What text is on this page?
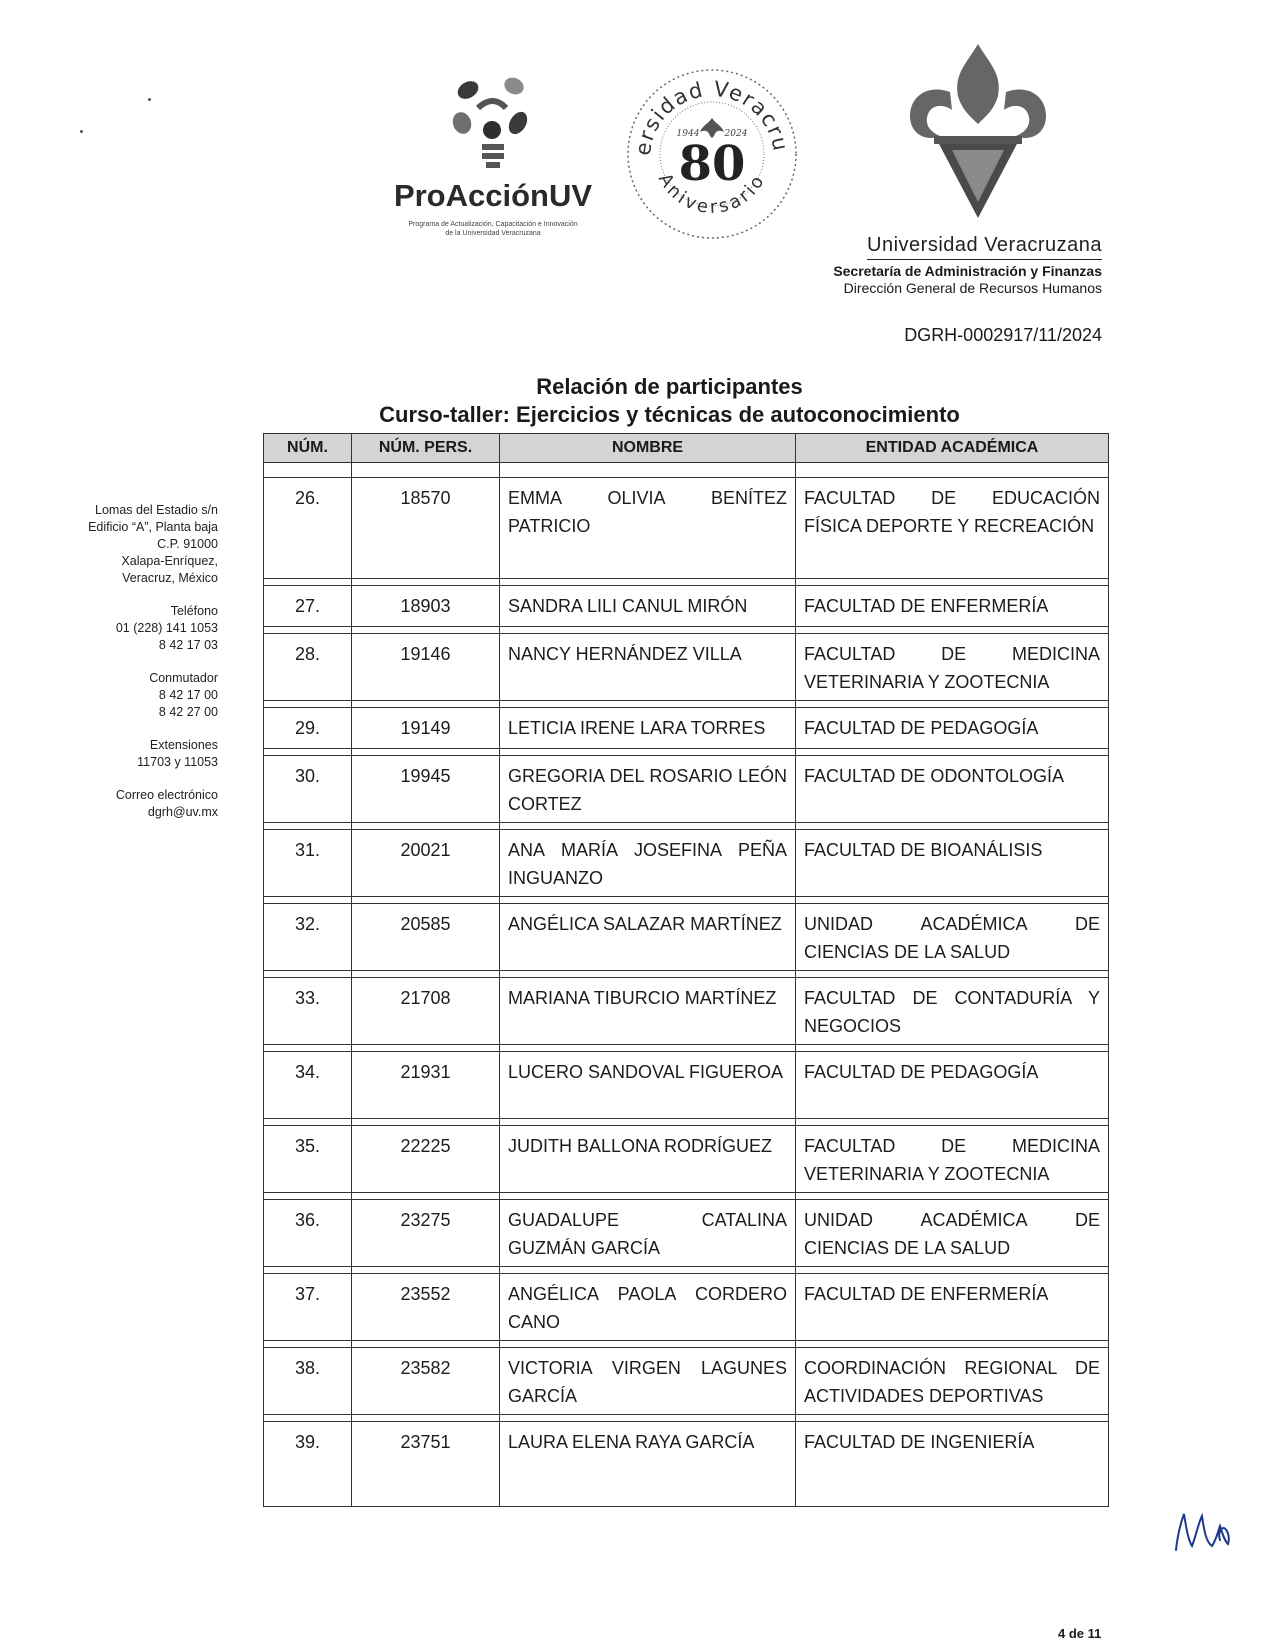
ProAcciónUV
Programa de Actualización, Capacitación e Innovación
de la Universidad Veracruzana
ersidad Veracru
Aniversario
1944	2024
80
Universidad Veracruzana
Secretaría de Administración y Finanzas
Dirección General de Recursos Humanos
DGRH-0002917/11/2024
Relación de participantes
Curso-taller: Ejercicios y técnicas de autoconocimiento
Lomas del Estadio s/n
Edificio “A”, Planta baja
C.P. 91000
Xalapa-Enríquez,
Veracruz, México
Teléfono
01 (228) 141 1053
8 42 17 03
Conmutador
8 42 17 00
8 42 27 00
Extensiones
11703 y 11053
Correo electrónico
dgrh@uv.mx
NÚM.	NÚM. PERS.	NOMBRE	ENTIDAD ACADÉMICA

26.	18570	EMMA OLIVIA BENÍTEZ PATRICIO	FACULTAD DE EDUCACIÓN FÍSICA DEPORTE Y RECREACIÓN

27.	18903	SANDRA LILI CANUL MIRÓN	FACULTAD DE ENFERMERÍA

28.	19146	NANCY HERNÁNDEZ VILLA	FACULTAD DE MEDICINA VETERINARIA Y ZOOTECNIA

29.	19149	LETICIA IRENE LARA TORRES	FACULTAD DE PEDAGOGÍA

30.	19945	GREGORIA DEL ROSARIO LEÓN CORTEZ	FACULTAD DE ODONTOLOGÍA

31.	20021	ANA MARÍA JOSEFINA PEÑA INGUANZO	FACULTAD DE BIOANÁLISIS

32.	20585	ANGÉLICA SALAZAR MARTÍNEZ	UNIDAD ACADÉMICA DE CIENCIAS DE LA SALUD

33.	21708	MARIANA TIBURCIO MARTÍNEZ	FACULTAD DE CONTADURÍA Y NEGOCIOS

34.	21931	LUCERO SANDOVAL FIGUEROA	FACULTAD DE PEDAGOGÍA

35.	22225	JUDITH BALLONA RODRÍGUEZ	FACULTAD DE MEDICINA VETERINARIA Y ZOOTECNIA

36.	23275	GUADALUPE CATALINA GUZMÁN GARCÍA	UNIDAD ACADÉMICA DE CIENCIAS DE LA SALUD

37.	23552	ANGÉLICA PAOLA CORDERO CANO	FACULTAD DE ENFERMERÍA

38.	23582	VICTORIA VIRGEN LAGUNES GARCÍA	COORDINACIÓN REGIONAL DE ACTIVIDADES DEPORTIVAS

39.	23751	LAURA ELENA RAYA GARCÍA	FACULTAD DE INGENIERÍA
4 de 11
